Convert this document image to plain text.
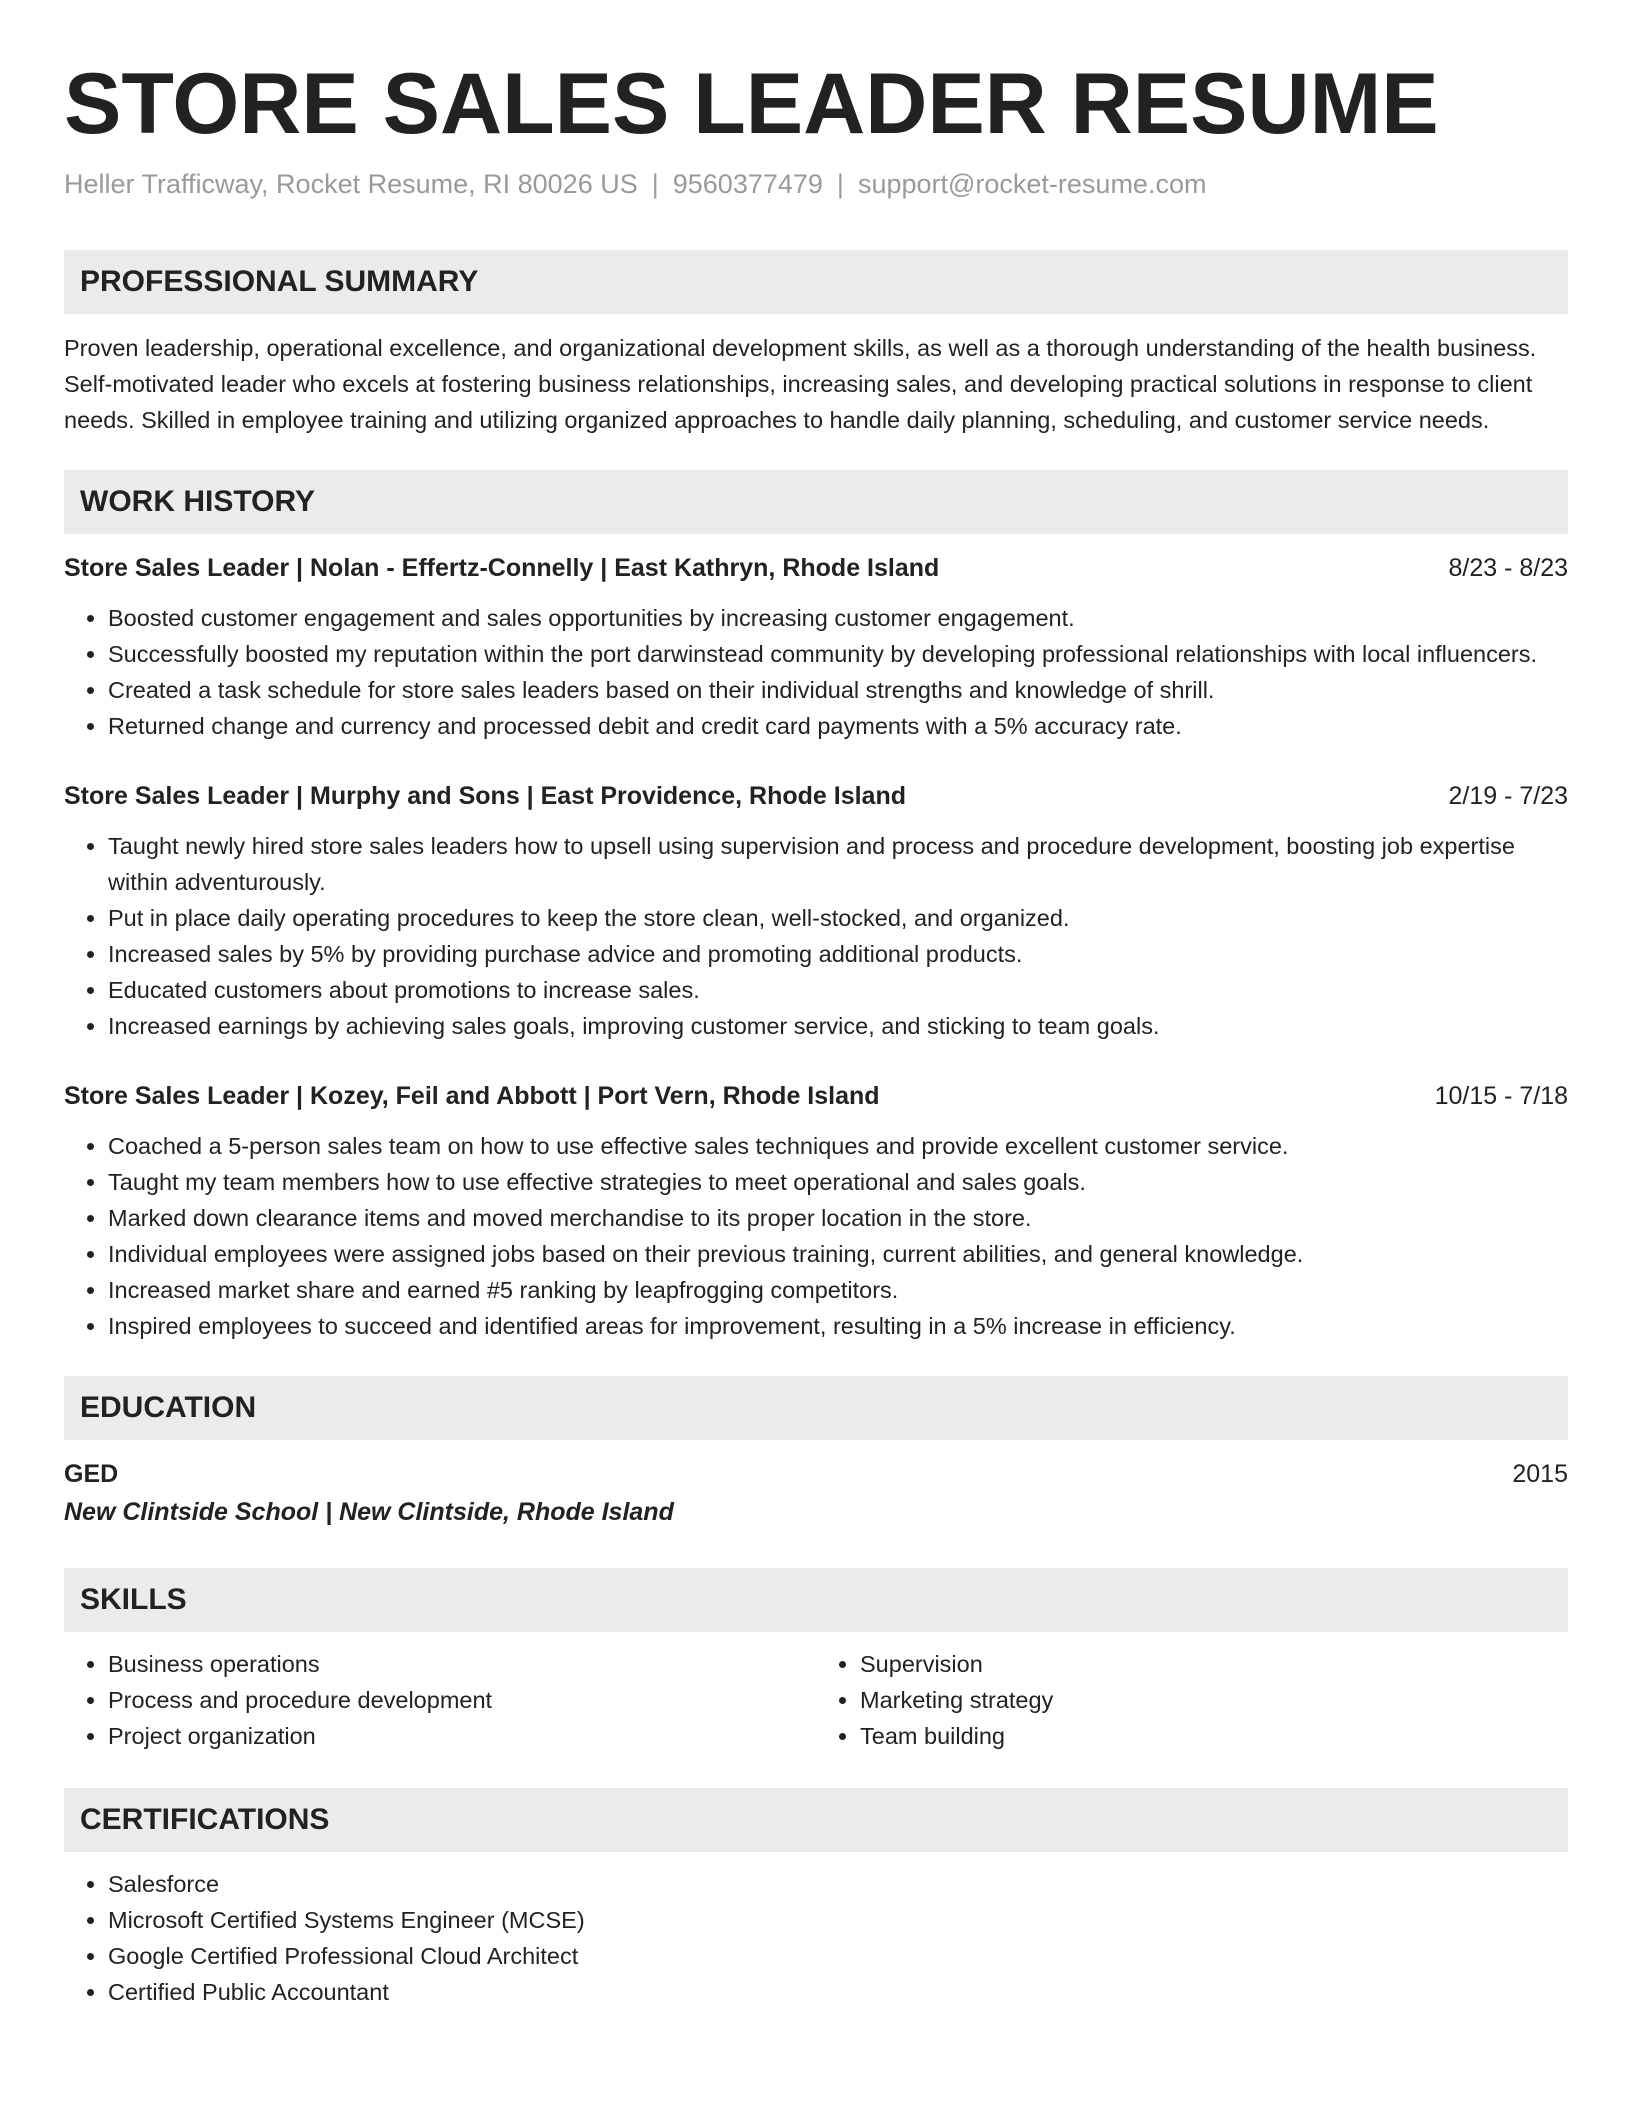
STORE SALES LEADER RESUME
Heller Trafficway, Rocket Resume, RI 80026 US | 9560377479 | support@rocket-resume.com
PROFESSIONAL SUMMARY

Proven leadership, operational excellence, and organizational development skills, as well as a thorough understanding of the health business. Self-motivated leader who excels at fostering business relationships, increasing sales, and developing practical solutions in response to client needs. Skilled in employee training and utilizing organized approaches to handle daily planning, scheduling, and customer service needs.

WORK HISTORY
Store Sales Leader | Nolan - Effertz-Connelly | East Kathryn, Rhode Island	8/23 - 8/23
• Boosted customer engagement and sales opportunities by increasing customer engagement.
• Successfully boosted my reputation within the port darwinstead community by developing professional relationships with local influencers.
• Created a task schedule for store sales leaders based on their individual strengths and knowledge of shrill.
• Returned change and currency and processed debit and credit card payments with a 5% accuracy rate.
Store Sales Leader | Murphy and Sons | East Providence, Rhode Island	2/19 - 7/23
• Taught newly hired store sales leaders how to upsell using supervision and process and procedure development, boosting job expertise within adventurously.
• Put in place daily operating procedures to keep the store clean, well-stocked, and organized.
• Increased sales by 5% by providing purchase advice and promoting additional products.
• Educated customers about promotions to increase sales.
• Increased earnings by achieving sales goals, improving customer service, and sticking to team goals.
Store Sales Leader | Kozey, Feil and Abbott | Port Vern, Rhode Island	10/15 - 7/18
• Coached a 5-person sales team on how to use effective sales techniques and provide excellent customer service.
• Taught my team members how to use effective strategies to meet operational and sales goals.
• Marked down clearance items and moved merchandise to its proper location in the store.
• Individual employees were assigned jobs based on their previous training, current abilities, and general knowledge.
• Increased market share and earned #5 ranking by leapfrogging competitors.
• Inspired employees to succeed and identified areas for improvement, resulting in a 5% increase in efficiency.
EDUCATION
GED	2015
New Clintside School | New Clintside, Rhode Island
SKILLS
• Business operations
• Process and procedure development
• Project organization
• Supervision
• Marketing strategy
• Team building
CERTIFICATIONS
• Salesforce
• Microsoft Certified Systems Engineer (MCSE)
• Google Certified Professional Cloud Architect
• Certified Public Accountant
